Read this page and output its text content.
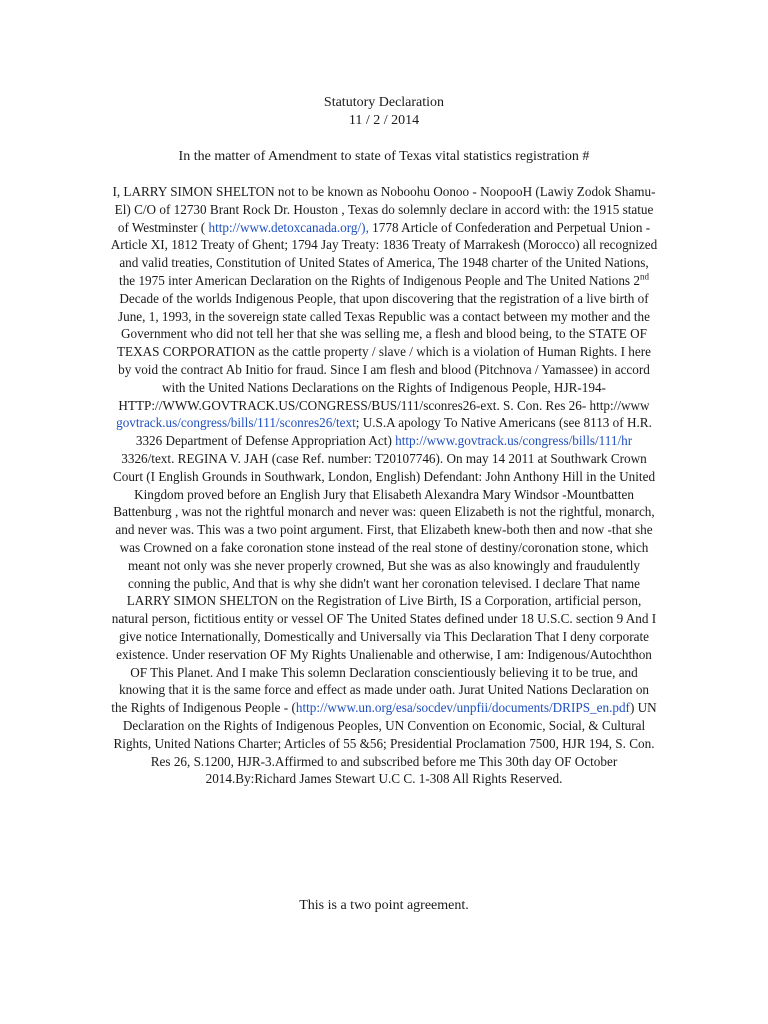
Statutory Declaration
11 / 2 / 2014
In the matter of Amendment to state of Texas vital statistics registration #
I, LARRY SIMON SHELTON not to be known as Noboohu Oonoo - NoopooH (Lawiy Zodok Shamu-El) C/O of 12730 Brant Rock Dr. Houston , Texas do solemnly declare in accord with: the 1915 statue of Westminster ( http://www.detoxcanada.org/), 1778 Article of Confederation and Perpetual Union - Article XI, 1812 Treaty of Ghent; 1794 Jay Treaty: 1836 Treaty of Marrakesh (Morocco) all recognized and valid treaties, Constitution of United States of America, The 1948 charter of the United Nations, the 1975 inter American Declaration on the Rights of Indigenous People and The United Nations 2nd Decade of the worlds Indigenous People, that upon discovering that the registration of a live birth of June, 1, 1993, in the sovereign state called Texas Republic was a contact between my mother and the Government who did not tell her that she was selling me, a flesh and blood being, to the STATE OF TEXAS CORPORATION as the cattle property / slave / which is a violation of Human Rights. I here by void the contract Ab Initio for fraud. Since I am flesh and blood (Pitchnova / Yamassee) in accord with the United Nations Declarations on the Rights of Indigenous People, HJR-194-HTTP://WWW.GOVTRACK.US/CONGRESS/BUS/111/sconres26-ext. S. Con. Res 26- http://www govtrack.us/congress/bills/111/sconres26/text; U.S.A apology To Native Americans (see 8113 of H.R. 3326 Department of Defense Appropriation Act) http://www.govtrack.us/congress/bills/111/hr 3326/text. REGINA V. JAH (case Ref. number: T20107746). On may 14 2011 at Southwark Crown Court (I English Grounds in Southwark, London, English) Defendant: John Anthony Hill in the United Kingdom proved before an English Jury that Elisabeth Alexandra Mary Windsor -Mountbatten Battenburg , was not the rightful monarch and never was: queen Elizabeth is not the rightful, monarch, and never was. This was a two point argument. First, that Elizabeth knew-both then and now -that she was Crowned on a fake coronation stone instead of the real stone of destiny/coronation stone, which meant not only was she never properly crowned, But she was as also knowingly and fraudulently conning the public, And that is why she didn't want her coronation televised. I declare That name LARRY SIMON SHELTON on the Registration of Live Birth, IS a Corporation, artificial person, natural person, fictitious entity or vessel OF The United States defined under 18 U.S.C. section 9 And I give notice Internationally, Domestically and Universally via This Declaration That I deny corporate existence. Under reservation OF My Rights Unalienable and otherwise, I am: Indigenous/Autochthon OF This Planet. And I make This solemn Declaration conscientiously believing it to be true, and knowing that it is the same force and effect as made under oath. Jurat United Nations Declaration on the Rights of Indigenous People - (http://www.un.org/esa/socdev/unpfii/documents/DRIPS_en.pdf) UN Declaration on the Rights of Indigenous Peoples, UN Convention on Economic, Social, & Cultural Rights, United Nations Charter; Articles of 55 &56; Presidential Proclamation 7500, HJR 194, S. Con. Res 26, S.1200, HJR-3.Affirmed to and subscribed before me This 30th day OF October 2014.By:Richard James Stewart U.C C. 1-308 All Rights Reserved.
This is a two point agreement.
